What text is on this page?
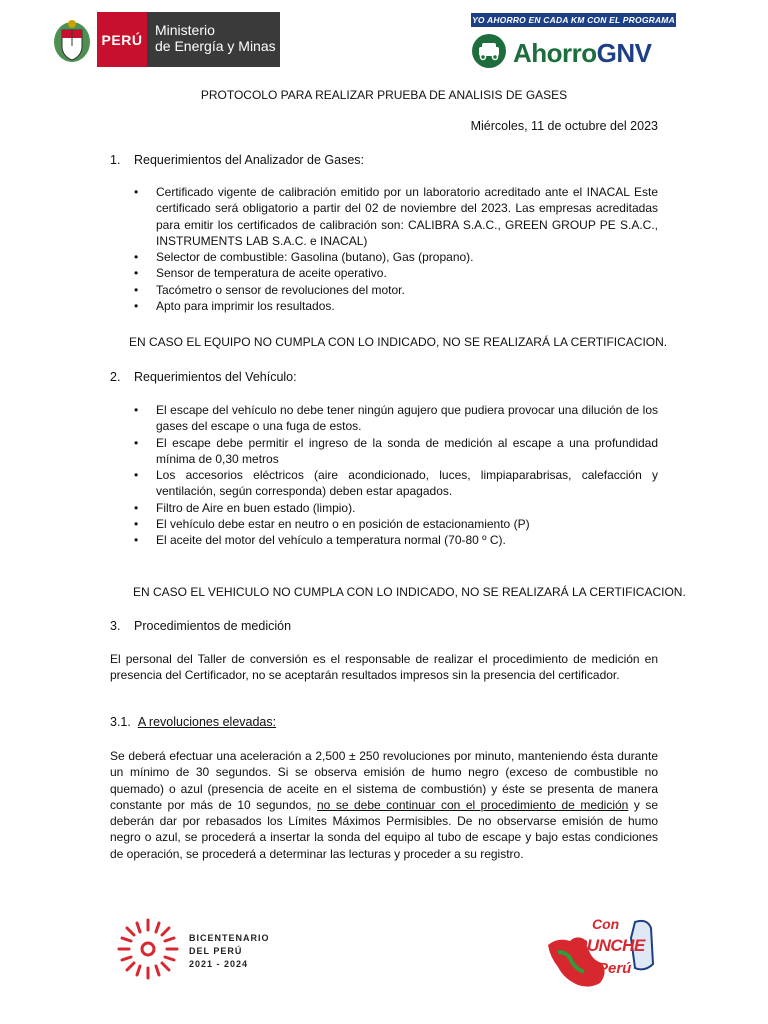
PERÚ
Ministerio
de Energía y Minas
YO AHORRO EN CADA KM CON EL PROGRAMA
AhorroGNV
PROTOCOLO PARA REALIZAR PRUEBA DE ANALISIS DE GASES
Miércoles, 11 de octubre del 2023
1. Requerimientos del Analizador de Gases:
• Certificado vigente de calibración emitido por un laboratorio acreditado ante el INACAL Este certificado será obligatorio a partir del 02 de noviembre del 2023. Las empresas acreditadas para emitir los certificados de calibración son: CALIBRA S.A.C., GREEN GROUP PE S.A.C., INSTRUMENTS LAB S.A.C. e INACAL)
• Selector de combustible: Gasolina (butano), Gas (propano).
• Sensor de temperatura de aceite operativo.
• Tacómetro o sensor de revoluciones del motor.
• Apto para imprimir los resultados.
EN CASO EL EQUIPO NO CUMPLA CON LO INDICADO, NO SE REALIZARÁ LA CERTIFICACION.
2. Requerimientos del Vehículo:
• El escape del vehículo no debe tener ningún agujero que pudiera provocar una dilución de los gases del escape o una fuga de estos.
• El escape debe permitir el ingreso de la sonda de medición al escape a una profundidad mínima de 0,30 metros
• Los accesorios eléctricos (aire acondicionado, luces, limpiaparabrisas, calefacción y ventilación, según corresponda) deben estar apagados.
• Filtro de Aire en buen estado (limpio).
• El vehículo debe estar en neutro o en posición de estacionamiento (P)
• El aceite del motor del vehículo a temperatura normal (70-80 º C).
EN CASO EL VEHICULO NO CUMPLA CON LO INDICADO, NO SE REALIZARÁ LA CERTIFICACION.
3. Procedimientos de medición
El personal del Taller de conversión es el responsable de realizar el procedimiento de medición en presencia del Certificador, no se aceptarán resultados impresos sin la presencia del certificador.
3.1. A revoluciones elevadas:
Se deberá efectuar una aceleración a 2,500 ± 250 revoluciones por minuto, manteniendo ésta durante un mínimo de 30 segundos. Si se observa emisión de humo negro (exceso de combustible no quemado) o azul (presencia de aceite en el sistema de combustión) y éste se presenta de manera constante por más de 10 segundos, no se debe continuar con el procedimiento de medición y se deberán dar por rebasados los Límites Máximos Permisibles. De no observarse emisión de humo negro o azul, se procederá a insertar la sonda del equipo al tubo de escape y bajo estas condiciones de operación, se procederá a determinar las lecturas y proceder a su registro.
BICENTENARIO
DEL PERÚ
2021 - 2024
Con
PUNCHE
Perú
